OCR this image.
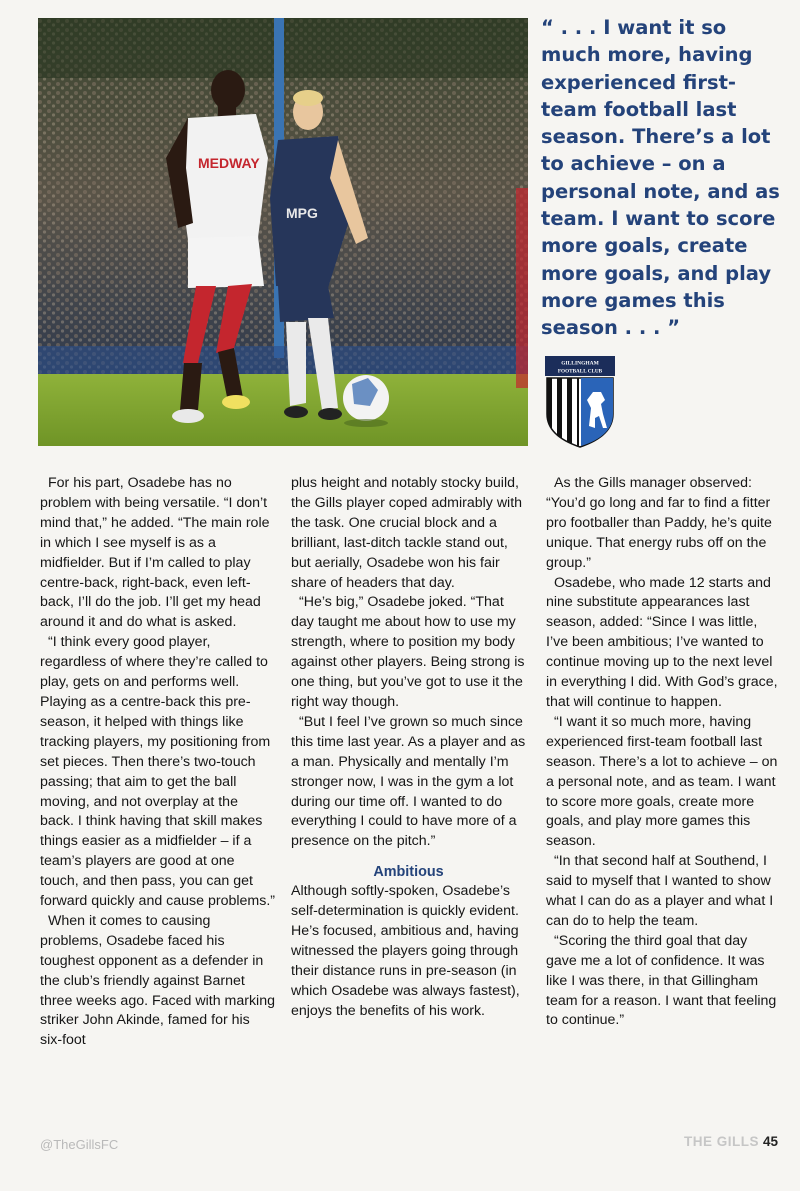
MEDWAY
MPG
“ . . . I want it so much more, having experienced first-team football last season. There’s a lot to achieve – on a personal note, and as team. I want to score more goals, create more goals, and play more games this season . . . ”
GILLINGHAM
FOOTBALL CLUB

For his part, Osadebe has no problem with being versatile. “I don’t mind that,” he added. “The main role in which I see myself is as a midfielder. But if I’m called to play centre-back, right-back, even left-back, I’ll do the job. I’ll get my head around it and do what is asked.

“I think every good player, regardless of where they’re called to play, gets on and performs well. Playing as a centre-back this pre-season, it helped with things like tracking players, my positioning from set pieces. Then there’s two-touch passing; that aim to get the ball moving, and not overplay at the back. I think having that skill makes things easier as a midfielder – if a team’s players are good at one touch, and then pass, you can get forward quickly and cause problems.”

When it comes to causing problems, Osadebe faced his toughest opponent as a defender in the club’s friendly against Barnet three weeks ago. Faced with marking striker John Akinde, famed for his six-foot

plus height and notably stocky build, the Gills player coped admirably with the task. One crucial block and a brilliant, last-ditch tackle stand out, but aerially, Osadebe won his fair share of headers that day.

“He’s big,” Osadebe joked. “That day taught me about how to use my strength, where to position my body against other players. Being strong is one thing, but you’ve got to use it the right way though.

“But I feel I’ve grown so much since this time last year. As a player and as a man. Physically and mentally I’m stronger now, I was in the gym a lot during our time off. I wanted to do everything I could to have more of a presence on the pitch.”

Ambitious

Although softly-spoken, Osadebe’s self-determination is quickly evident. He’s focused, ambitious and, having witnessed the players going through their distance runs in pre-season (in which Osadebe was always fastest), enjoys the benefits of his work.

As the Gills manager observed: “You’d go long and far to find a fitter pro footballer than Paddy, he’s quite unique. That energy rubs off on the group.”

Osadebe, who made 12 starts and nine substitute appearances last season, added: “Since I was little, I’ve been ambitious; I’ve wanted to continue moving up to the next level in everything I did. With God’s grace, that will continue to happen.

“I want it so much more, having experienced first-team football last season. There’s a lot to achieve – on a personal note, and as team. I want to score more goals, create more goals, and play more games this season.

“In that second half at Southend, I said to myself that I wanted to show what I can do as a player and what I can do to help the team.

“Scoring the third goal that day gave me a lot of confidence. It was like I was there, in that Gillingham team for a reason. I want that feeling to continue.”

@TheGillsFC	THE GILLS 45
